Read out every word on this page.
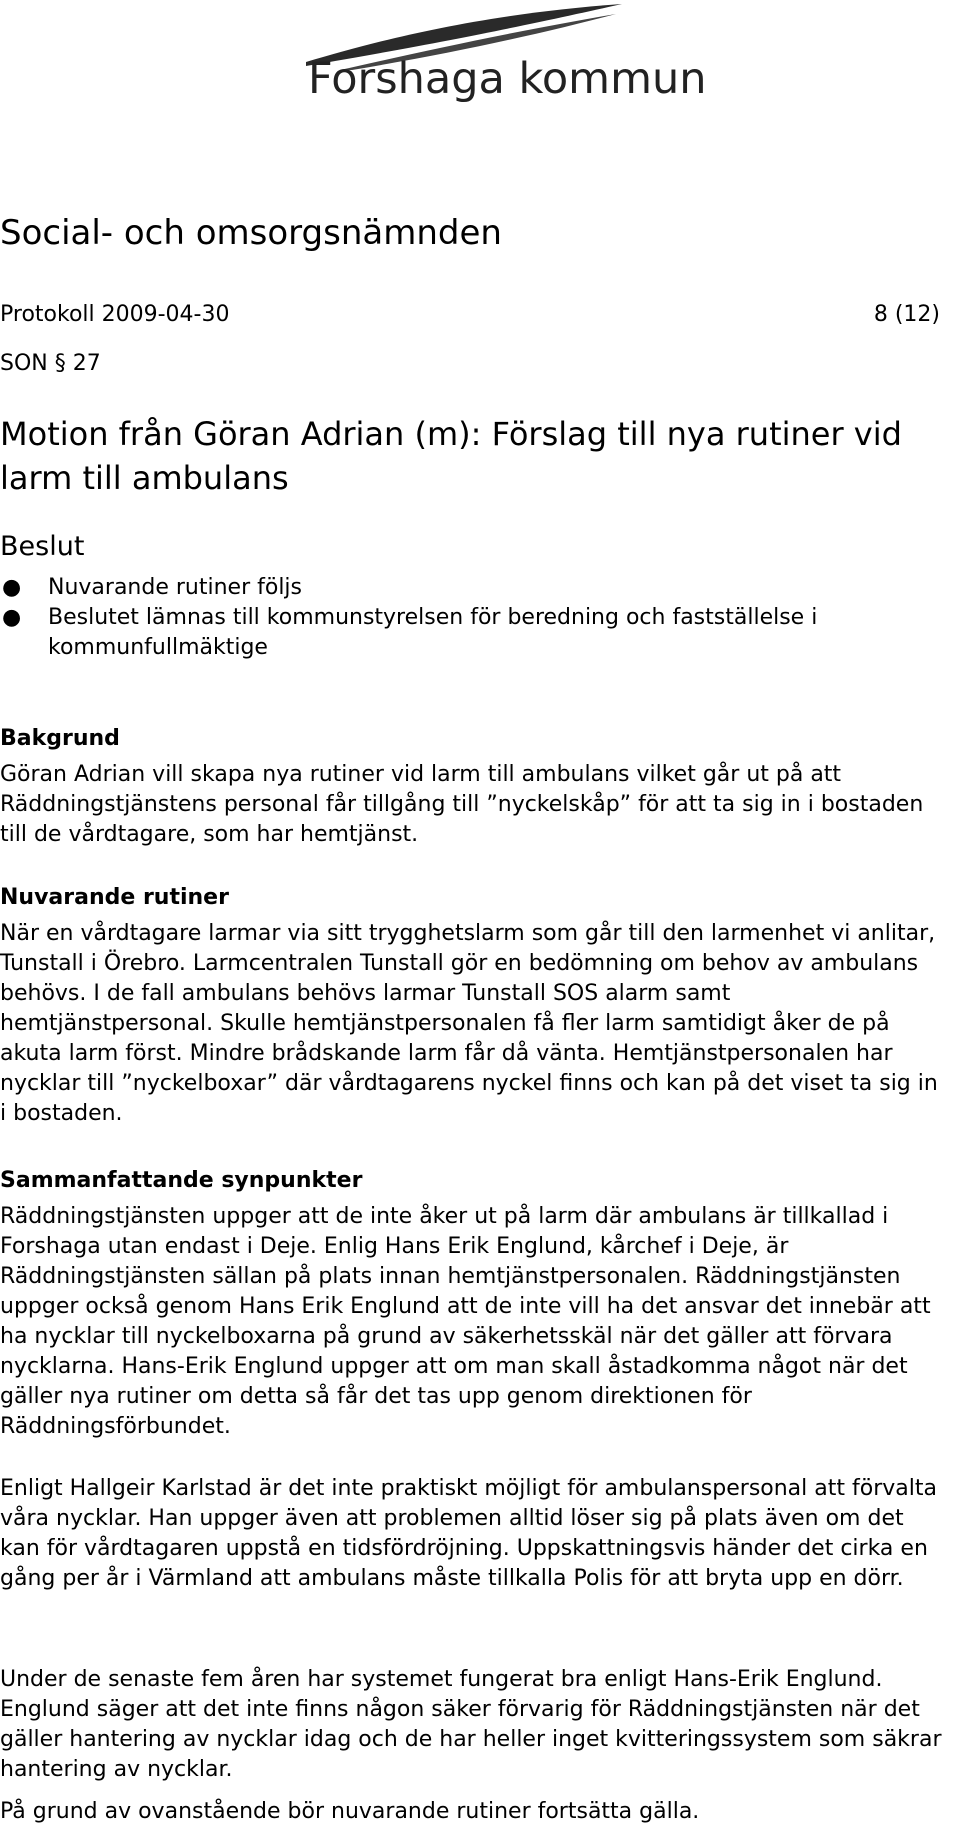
Forshaga kommun
Social- och omsorgsnämnden
Protokoll 2009-04-30	8 (12)
SON § 27
Motion från Göran Adrian (m): Förslag till nya rutiner vid larm till ambulans
Beslut
● Nuvarande rutiner följs
● Beslutet lämnas till kommunstyrelsen för beredning och fastställelse i kommunfullmäktige
Bakgrund

Göran Adrian vill skapa nya rutiner vid larm till ambulans vilket går ut på att Räddningstjänstens personal får tillgång till ”nyckelskåp” för att ta sig in i bostaden till de vårdtagare, som har hemtjänst.

Nuvarande rutiner

När en vårdtagare larmar via sitt trygghetslarm som går till den larmenhet vi anlitar, Tunstall i Örebro. Larmcentralen Tunstall gör en bedömning om behov av ambulans behövs. I de fall ambulans behövs larmar Tunstall SOS alarm samt hemtjänstpersonal. Skulle hemtjänstpersonalen få fler larm samtidigt åker de på akuta larm först. Mindre brådskande larm får då vänta. Hemtjänstpersonalen har nycklar till ”nyckelboxar” där vårdtagarens nyckel finns och kan på det viset ta sig in i bostaden.

Sammanfattande synpunkter

Räddningstjänsten uppger att de inte åker ut på larm där ambulans är tillkallad i Forshaga utan endast i Deje. Enlig Hans Erik Englund, kårchef i Deje, är Räddningstjänsten sällan på plats innan hemtjänstpersonalen. Räddningstjänsten uppger också genom Hans Erik Englund att de inte vill ha det ansvar det innebär att ha nycklar till nyckelboxarna på grund av säkerhetsskäl när det gäller att förvara nycklarna. Hans-Erik Englund uppger att om man skall åstadkomma något när det gäller nya rutiner om detta så får det tas upp genom direktionen för Räddningsförbundet.

Enligt Hallgeir Karlstad är det inte praktiskt möjligt för ambulanspersonal att förvalta våra nycklar. Han uppger även att problemen alltid löser sig på plats även om det kan för vårdtagaren uppstå en tidsfördröjning. Uppskattningsvis händer det cirka en gång per år i Värmland att ambulans måste tillkalla Polis för att bryta upp en dörr.

Under de senaste fem åren har systemet fungerat bra enligt Hans-Erik Englund. Englund säger att det inte finns någon säker förvarig för Räddningstjänsten när det gäller hantering av nycklar idag och de har heller inget kvitteringssystem som säkrar hantering av nycklar.

På grund av ovanstående bör nuvarande rutiner fortsätta gälla.
